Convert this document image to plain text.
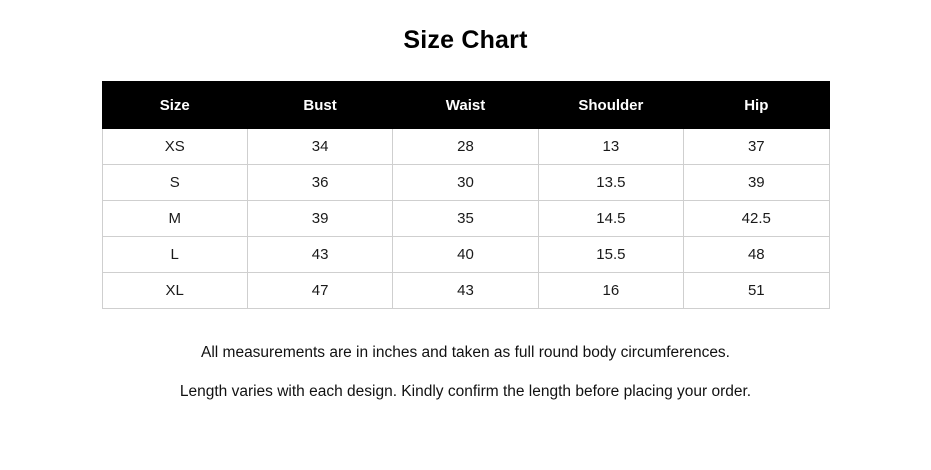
Size Chart
Size	Bust	Waist	Shoulder	Hip
XS	34	28	13	37
S	36	30	13.5	39
M	39	35	14.5	42.5
L	43	40	15.5	48
XL	47	43	16	51

All measurements are in inches and taken as full round body circumferences.

Length varies with each design. Kindly confirm the length before placing your order.
